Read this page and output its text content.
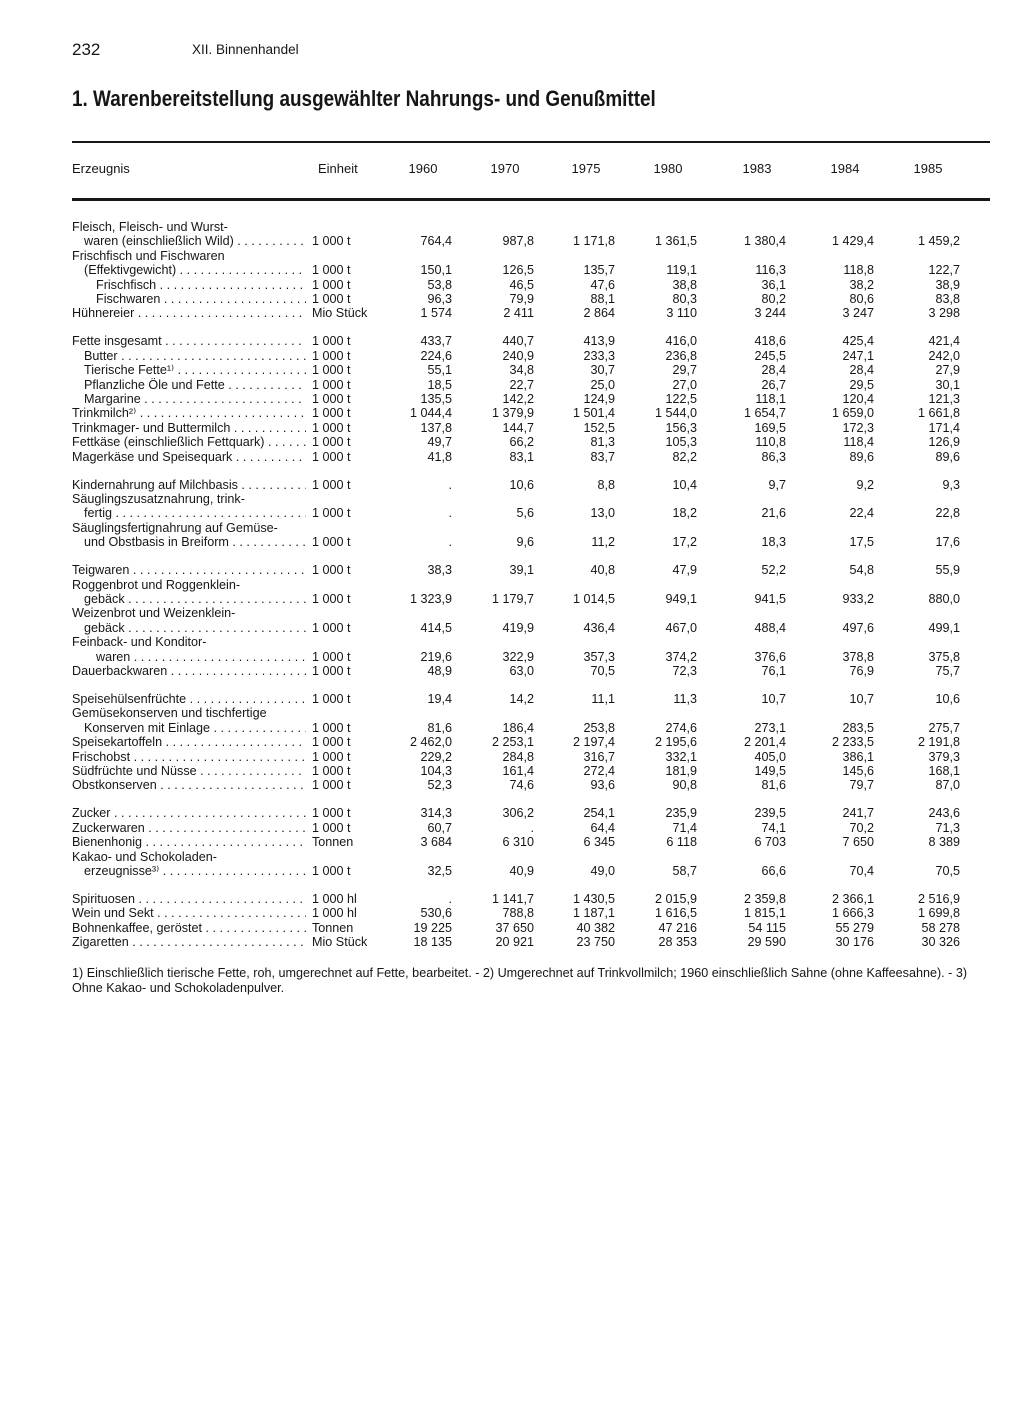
232	XII. Binnenhandel
1. Warenbereitstellung ausgewählter Nahrungs- und Genußmittel
Erzeugnis	Einheit	1960	1970	1975	1980	1983	1984	1985
Fleisch, Fleisch- und Wurst-
waren (einschließlich Wild) . . .	1 000 t	764,4	987,8	1 171,8	1 361,5	1 380,4	1 429,4	1 459,2
Frischfisch und Fischwaren
(Effektivgewicht) . . .	1 000 t	150,1	126,5	135,7	119,1	116,3	118,8	122,7
Frischfisch . . .	1 000 t	53,8	46,5	47,6	38,8	36,1	38,2	38,9
Fischwaren . . .	1 000 t	96,3	79,9	88,1	80,3	80,2	80,6	83,8
Hühnereier . . .	Mio Stück	1 574	2 411	2 864	3 110	3 244	3 247	3 298
Fette insgesamt . . .	1 000 t	433,7	440,7	413,9	416,0	418,6	425,4	421,4
Butter . . .	1 000 t	224,6	240,9	233,3	236,8	245,5	247,1	242,0
Tierische Fette¹⁾ . . .	1 000 t	55,1	34,8	30,7	29,7	28,4	28,4	27,9
Pflanzliche Öle und Fette . . .	1 000 t	18,5	22,7	25,0	27,0	26,7	29,5	30,1
Margarine . . .	1 000 t	135,5	142,2	124,9	122,5	118,1	120,4	121,3
Trinkmilch²⁾ . . .	1 000 t	1 044,4	1 379,9	1 501,4	1 544,0	1 654,7	1 659,0	1 661,8
Trinkmager- und Buttermilch . . .	1 000 t	137,8	144,7	152,5	156,3	169,5	172,3	171,4
Fettkäse (einschließlich Fettquark) . . .	1 000 t	49,7	66,2	81,3	105,3	110,8	118,4	126,9
Magerkäse und Speisequark . . .	1 000 t	41,8	83,1	83,7	82,2	86,3	89,6	89,6
Kindernahrung auf Milchbasis . . .	1 000 t	.	10,6	8,8	10,4	9,7	9,2	9,3
Säuglingszusatznahrung, trink-
fertig . . .	1 000 t	.	5,6	13,0	18,2	21,6	22,4	22,8
Säuglingsfertignahrung auf Gemüse-
und Obstbasis in Breiform . . .	1 000 t	.	9,6	11,2	17,2	18,3	17,5	17,6
Teigwaren . . .	1 000 t	38,3	39,1	40,8	47,9	52,2	54,8	55,9
Roggenbrot und Roggenklein-
gebäck . . .	1 000 t	1 323,9	1 179,7	1 014,5	949,1	941,5	933,2	880,0
Weizenbrot und Weizenklein-
gebäck . . .	1 000 t	414,5	419,9	436,4	467,0	488,4	497,6	499,1
Feinback- und Konditor-
waren . . .	1 000 t	219,6	322,9	357,3	374,2	376,6	378,8	375,8
Dauerbackwaren . . .	1 000 t	48,9	63,0	70,5	72,3	76,1	76,9	75,7
Speisehülsenfrüchte . . .	1 000 t	19,4	14,2	11,1	11,3	10,7	10,7	10,6
Gemüsekonserven und tischfertige
Konserven mit Einlage . . .	1 000 t	81,6	186,4	253,8	274,6	273,1	283,5	275,7
Speisekartoffeln . . .	1 000 t	2 462,0	2 253,1	2 197,4	2 195,6	2 201,4	2 233,5	2 191,8
Frischobst . . .	1 000 t	229,2	284,8	316,7	332,1	405,0	386,1	379,3
Südfrüchte und Nüsse . . .	1 000 t	104,3	161,4	272,4	181,9	149,5	145,6	168,1
Obstkonserven . . .	1 000 t	52,3	74,6	93,6	90,8	81,6	79,7	87,0
Zucker . . .	1 000 t	314,3	306,2	254,1	235,9	239,5	241,7	243,6
Zuckerwaren . . .	1 000 t	60,7	.	64,4	71,4	74,1	70,2	71,3
Bienenhonig . . .	Tonnen	3 684	6 310	6 345	6 118	6 703	7 650	8 389
Kakao- und Schokoladen-
erzeugnisse³⁾ . . .	1 000 t	32,5	40,9	49,0	58,7	66,6	70,4	70,5
Spirituosen . . .	1 000 hl	.	1 141,7	1 430,5	2 015,9	2 359,8	2 366,1	2 516,9
Wein und Sekt . . .	1 000 hl	530,6	788,8	1 187,1	1 616,5	1 815,1	1 666,3	1 699,8
Bohnenkaffee, geröstet . . .	Tonnen	19 225	37 650	40 382	47 216	54 115	55 279	58 278
Zigaretten . . .	Mio Stück	18 135	20 921	23 750	28 353	29 590	30 176	30 326
1) Einschließlich tierische Fette, roh, umgerechnet auf Fette, bearbeitet. - 2) Umgerechnet auf Trinkvollmilch; 1960 einschließlich Sahne (ohne Kaffeesahne). - 3) Ohne Kakao- und Schokoladenpulver.
